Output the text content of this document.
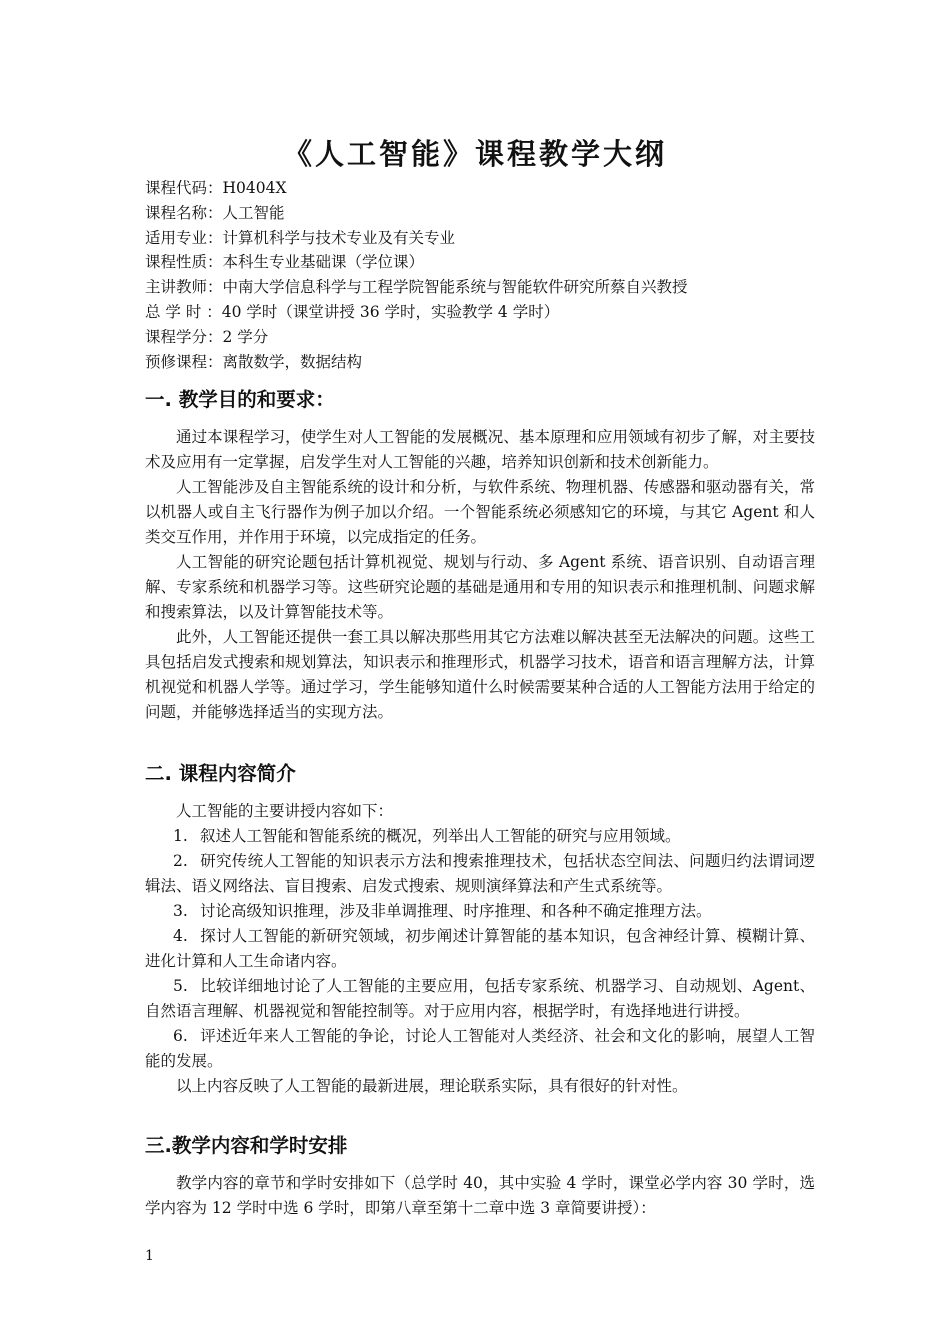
《人工智能》课程教学大纲
课程代码：H0404X
课程名称：人工智能
适用专业：计算机科学与技术专业及有关专业
课程性质：本科生专业基础课（学位课）
主讲教师：中南大学信息科学与工程学院智能系统与智能软件研究所蔡自兴教授
总 学 时 ：40 学时（课堂讲授 36 学时，实验教学 4 学时）
课程学分：2 学分
预修课程：离散数学，数据结构
一. 教学目的和要求：

通过本课程学习，使学生对人工智能的发展概况、基本原理和应用领域有初步了解，对主要技术及应用有一定掌握，启发学生对人工智能的兴趣，培养知识创新和技术创新能力。

人工智能涉及自主智能系统的设计和分析，与软件系统、物理机器、传感器和驱动器有关，常以机器人或自主飞行器作为例子加以介绍。一个智能系统必须感知它的环境，与其它 Agent 和人类交互作用，并作用于环境，以完成指定的任务。

人工智能的研究论题包括计算机视觉、规划与行动、多 Agent 系统、语音识别、自动语言理解、专家系统和机器学习等。这些研究论题的基础是通用和专用的知识表示和推理机制、问题求解和搜索算法，以及计算智能技术等。

此外，人工智能还提供一套工具以解决那些用其它方法难以解决甚至无法解决的问题。这些工具包括启发式搜索和规划算法，知识表示和推理形式，机器学习技术，语音和语言理解方法，计算机视觉和机器人学等。通过学习，学生能够知道什么时候需要某种合适的人工智能方法用于给定的问题，并能够选择适当的实现方法。

二. 课程内容简介

人工智能的主要讲授内容如下：

1. 叙述人工智能和智能系统的概况，列举出人工智能的研究与应用领域。

2. 研究传统人工智能的知识表示方法和搜索推理技术，包括状态空间法、问题归约法谓词逻辑法、语义网络法、盲目搜索、启发式搜索、规则演绎算法和产生式系统等。

3. 讨论高级知识推理，涉及非单调推理、时序推理、和各种不确定推理方法。

4. 探讨人工智能的新研究领域，初步阐述计算智能的基本知识，包含神经计算、模糊计算、进化计算和人工生命诸内容。

5. 比较详细地讨论了人工智能的主要应用，包括专家系统、机器学习、自动规划、Agent、自然语言理解、机器视觉和智能控制等。对于应用内容，根据学时，有选择地进行讲授。

6. 评述近年来人工智能的争论，讨论人工智能对人类经济、社会和文化的影响，展望人工智能的发展。

以上内容反映了人工智能的最新进展，理论联系实际，具有很好的针对性。

三.教学内容和学时安排

教学内容的章节和学时安排如下（总学时 40，其中实验 4 学时，课堂必学内容 30 学时，选学内容为 12 学时中选 6 学时，即第八章至第十二章中选 3 章简要讲授）：

1
